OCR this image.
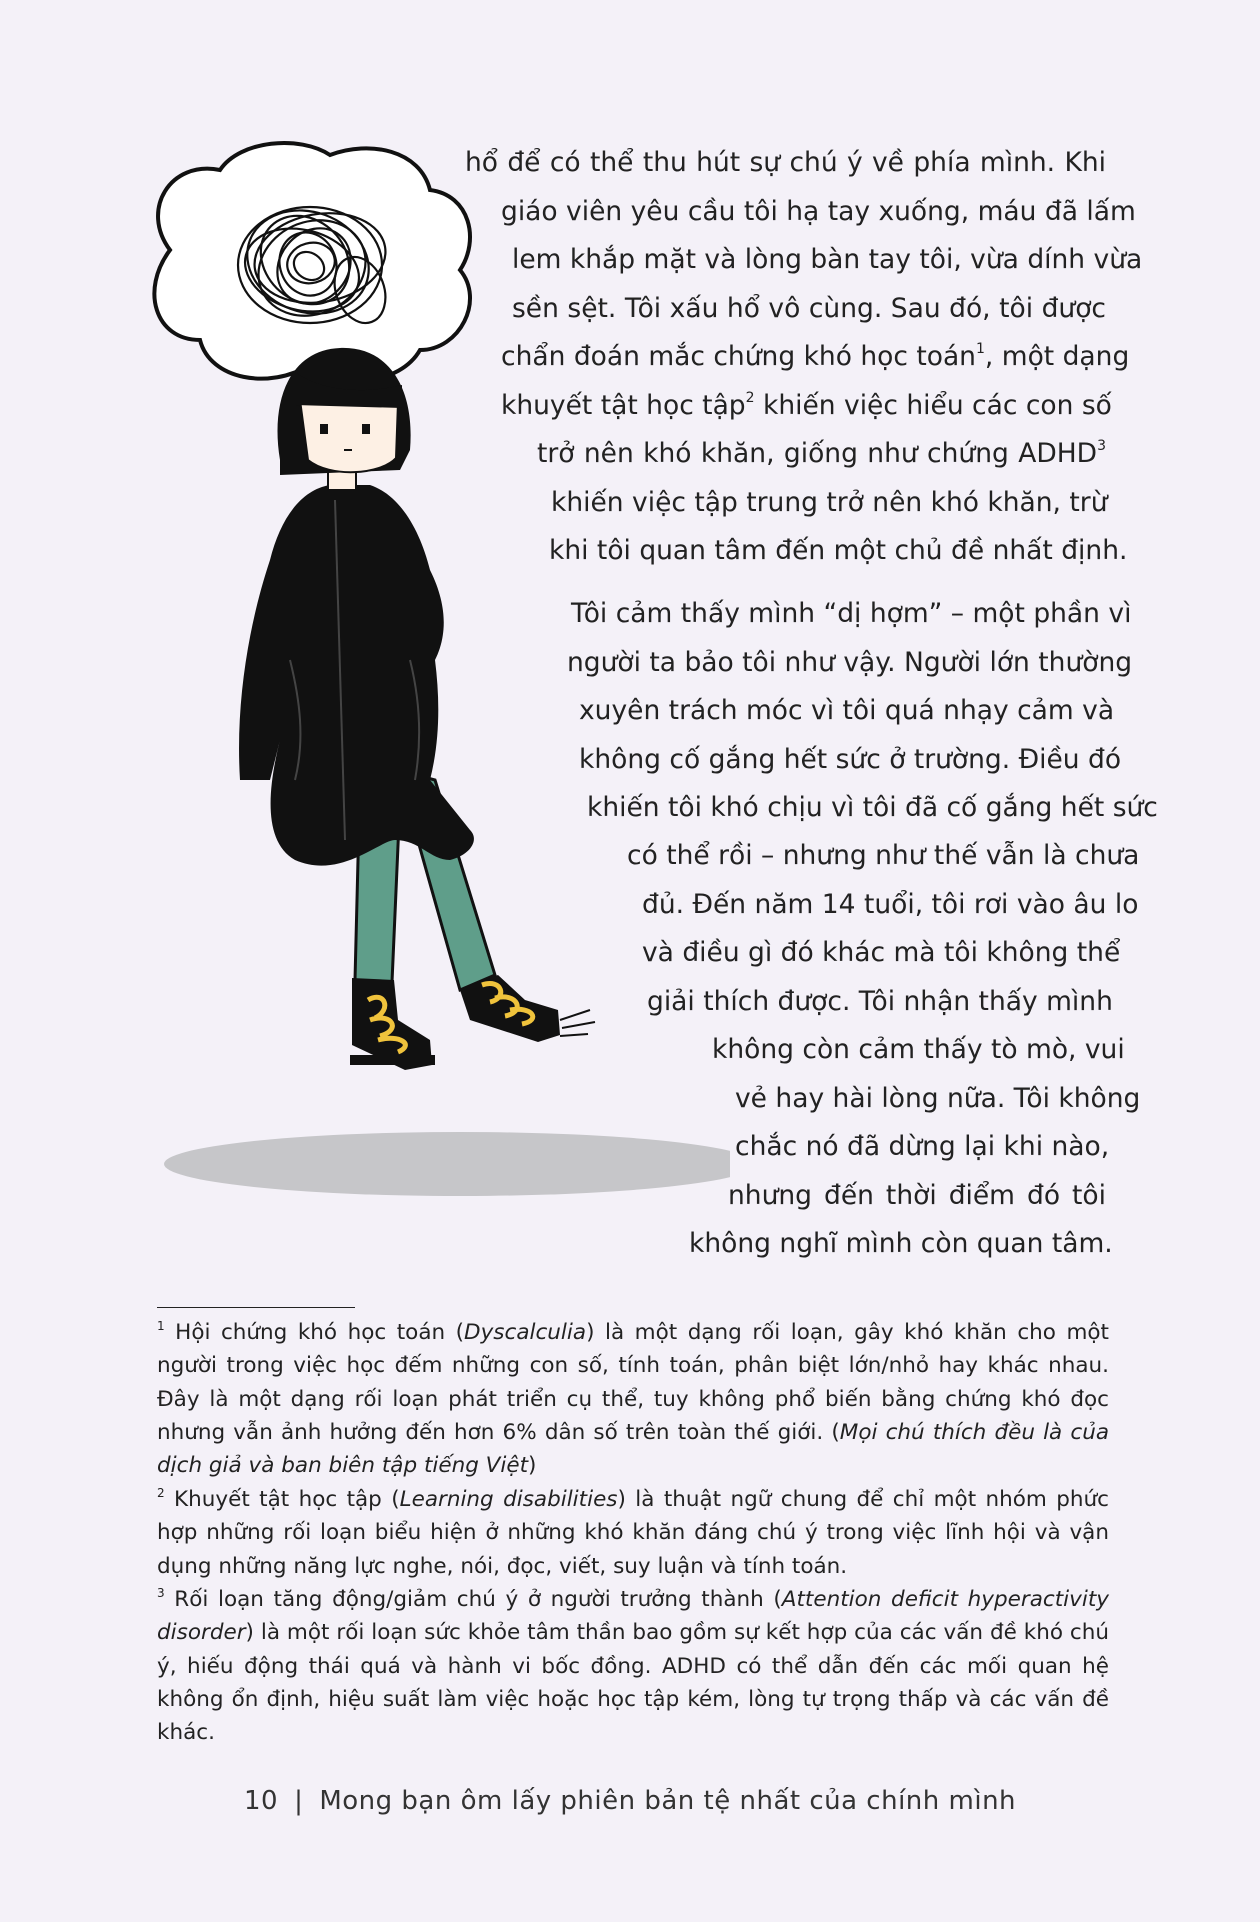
hổ để có thể thu hút sự chú ý về phía mình. Khi
giáo viên yêu cầu tôi hạ tay xuống, máu đã lấm
lem khắp mặt và lòng bàn tay tôi, vừa dính vừa
sền sệt. Tôi xấu hổ vô cùng. Sau đó, tôi được
chẩn đoán mắc chứng khó học toán$^1$, một dạng
khuyết tật học tập$^2$ khiến việc hiểu các con số
trở nên khó khăn, giống như chứng ADHD$^3$
khiến việc tập trung trở nên khó khăn, trừ
khi tôi quan tâm đến một chủ đề nhất định.
Tôi cảm thấy mình “dị hợm” – một phần vì
người ta bảo tôi như vậy. Người lớn thường
xuyên trách móc vì tôi quá nhạy cảm và
không cố gắng hết sức ở trường. Điều đó
khiến tôi khó chịu vì tôi đã cố gắng hết sức
có thể rồi – nhưng như thế vẫn là chưa
đủ. Đến năm 14 tuổi, tôi rơi vào âu lo
và điều gì đó khác mà tôi không thể
giải thích được. Tôi nhận thấy mình
không còn cảm thấy tò mò, vui
vẻ hay hài lòng nữa. Tôi không
chắc nó đã dừng lại khi nào,
nhưng đến thời điểm đó tôi
không nghĩ mình còn quan tâm.
$^1$ Hội chứng khó học toán (Dyscalculia) là một dạng rối loạn, gây khó khăn cho một người trong việc học đếm những con số, tính toán, phân biệt lớn/nhỏ hay khác nhau. Đây là một dạng rối loạn phát triển cụ thể, tuy không phổ biến bằng chứng khó đọc nhưng vẫn ảnh hưởng đến hơn 6% dân số trên toàn thế giới. (Mọi chú thích đều là của dịch giả và ban biên tập tiếng Việt)
$^2$ Khuyết tật học tập (Learning disabilities) là thuật ngữ chung để chỉ một nhóm phức hợp những rối loạn biểu hiện ở những khó khăn đáng chú ý trong việc lĩnh hội và vận dụng những năng lực nghe, nói, đọc, viết, suy luận và tính toán.
$^3$ Rối loạn tăng động/giảm chú ý ở người trưởng thành (Attention deficit hyperactivity disorder) là một rối loạn sức khỏe tâm thần bao gồm sự kết hợp của các vấn đề khó chú ý, hiếu động thái quá và hành vi bốc đồng. ADHD có thể dẫn đến các mối quan hệ không ổn định, hiệu suất làm việc hoặc học tập kém, lòng tự trọng thấp và các vấn đề khác.
10 | Mong bạn ôm lấy phiên bản tệ nhất của chính mình
